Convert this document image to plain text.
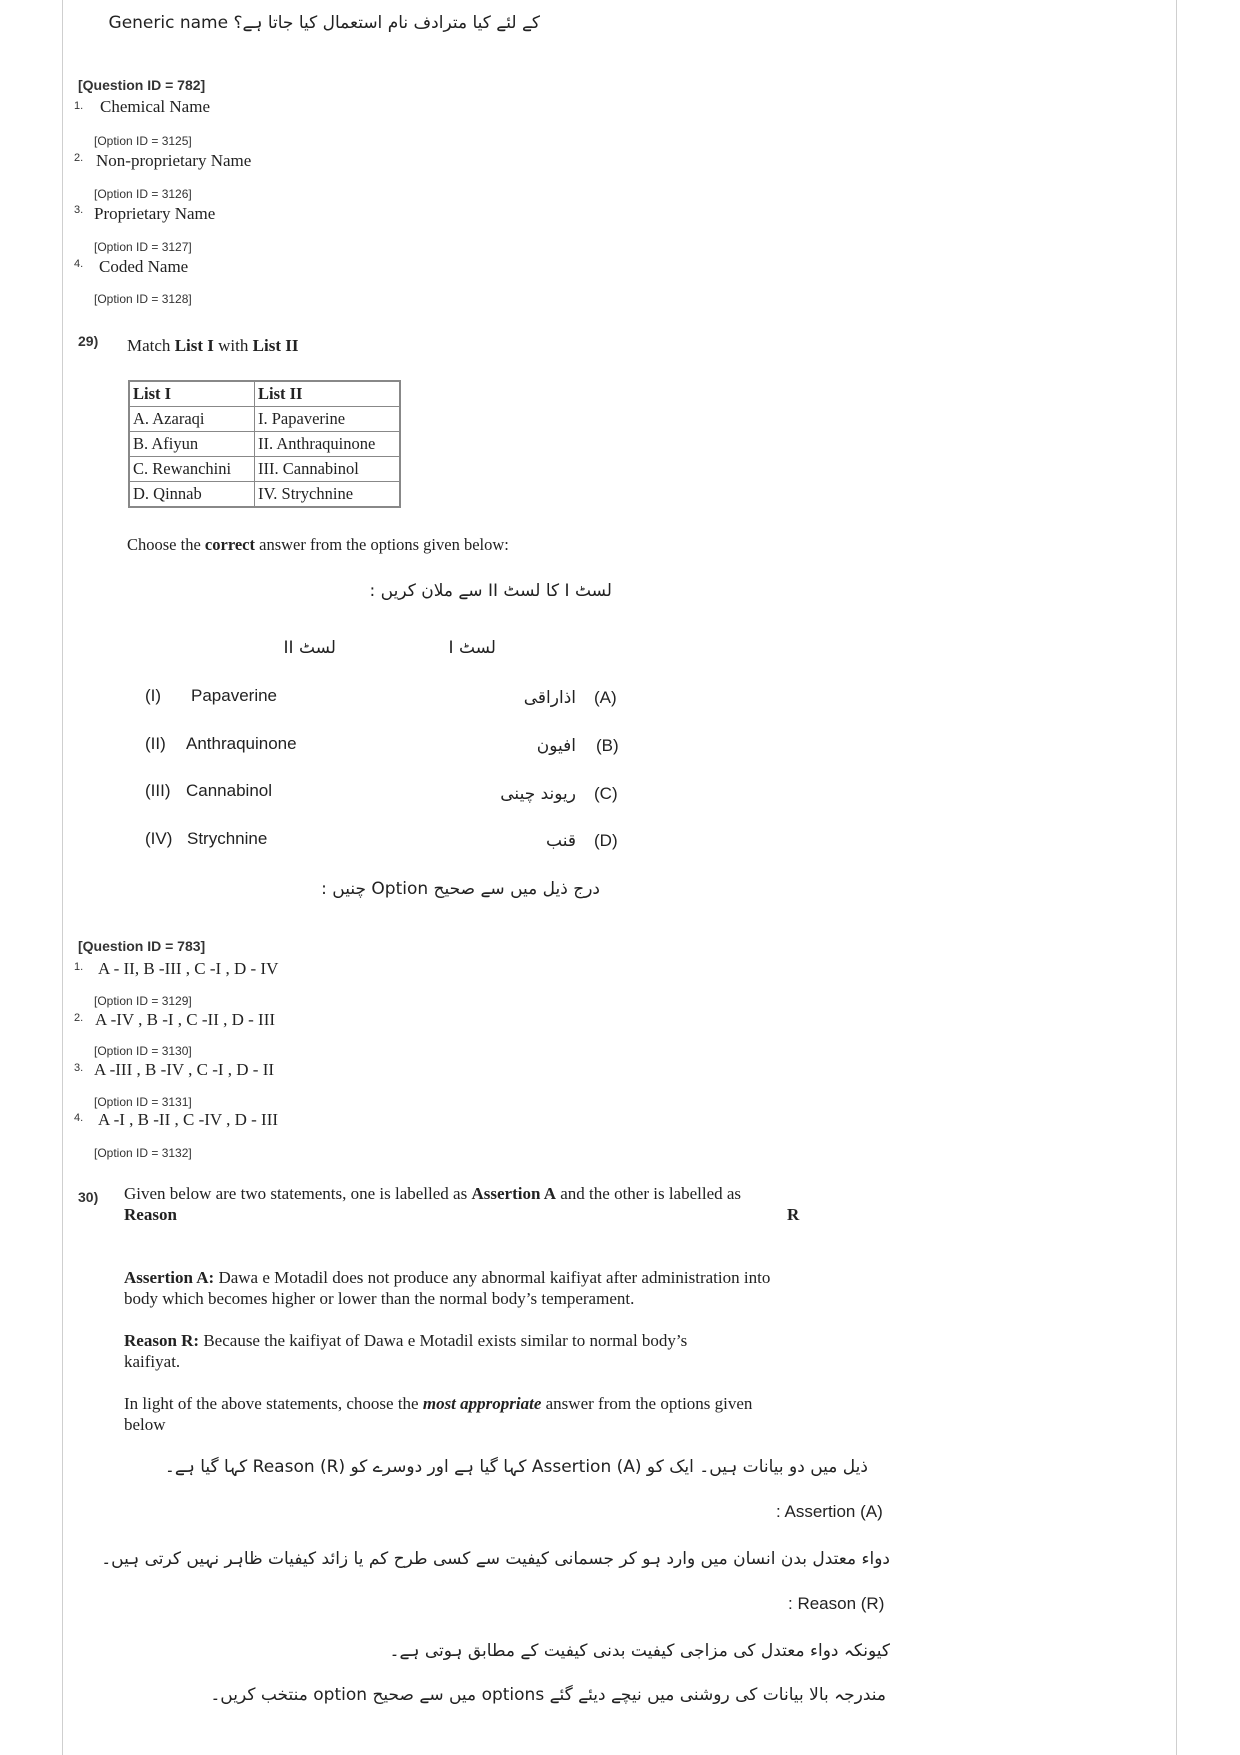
Generic name کے لئے کیا مترادف نام استعمال کیا جاتا ہے؟
[Question ID = 782]
1. Chemical Name
[Option ID = 3125]
2. Non-proprietary Name
[Option ID = 3126]
3. Proprietary Name
[Option ID = 3127]
4. Coded Name
[Option ID = 3128]
29) Match List I with List II
List I	List II
A. Azaraqi	I. Papaverine
B. Afiyun	II. Anthraquinone
C. Rewanchini	III. Cannabinol
D. Qinnab	IV. Strychnine
Choose the correct answer from the options given below:
لسٹ I کا لسٹ II سے ملان کریں :
لسٹ II	لسٹ I
(I) Papaverine	اذاراقی (A)
(II) Anthraquinone	افیون (B)
(III) Cannabinol	ریوند چینی (C)
(IV) Strychnine	قنب (D)
درج ذیل میں سے صحیح Option چنیں :
[Question ID = 783]
1. A - II, B -III , C -I , D - IV
[Option ID = 3129]
2. A -IV , B -I , C -II , D - III
[Option ID = 3130]
3. A -III , B -IV , C -I , D - II
[Option ID = 3131]
4. A -I , B -II , C -IV , D - III
[Option ID = 3132]
30) Given below are two statements, one is labelled as Assertion A and the other is labelled as
Reason	R
Assertion A: Dawa e Motadil does not produce any abnormal kaifiyat after administration into
body which becomes higher or lower than the normal body’s temperament.
Reason R: Because the kaifiyat of Dawa e Motadil exists similar to normal body’s
kaifiyat.
In light of the above statements, choose the most appropriate answer from the options given
below
ذیل میں دو بیانات ہیں۔ ایک کو Assertion (A) کہا گیا ہے اور دوسرے کو Reason (R) کہا گیا ہے۔
: Assertion (A)
دواء معتدل بدن انسان میں وارد ہو کر جسمانی کیفیت سے کسی طرح کم یا زائد کیفیات ظاہر نہیں کرتی ہیں۔
: Reason (R)
کیونکہ دواء معتدل کی مزاجی کیفیت بدنی کیفیت کے مطابق ہوتی ہے۔
مندرجہ بالا بیانات کی روشنی میں نیچے دیئے گئے options میں سے صحیح option منتخب کریں۔
